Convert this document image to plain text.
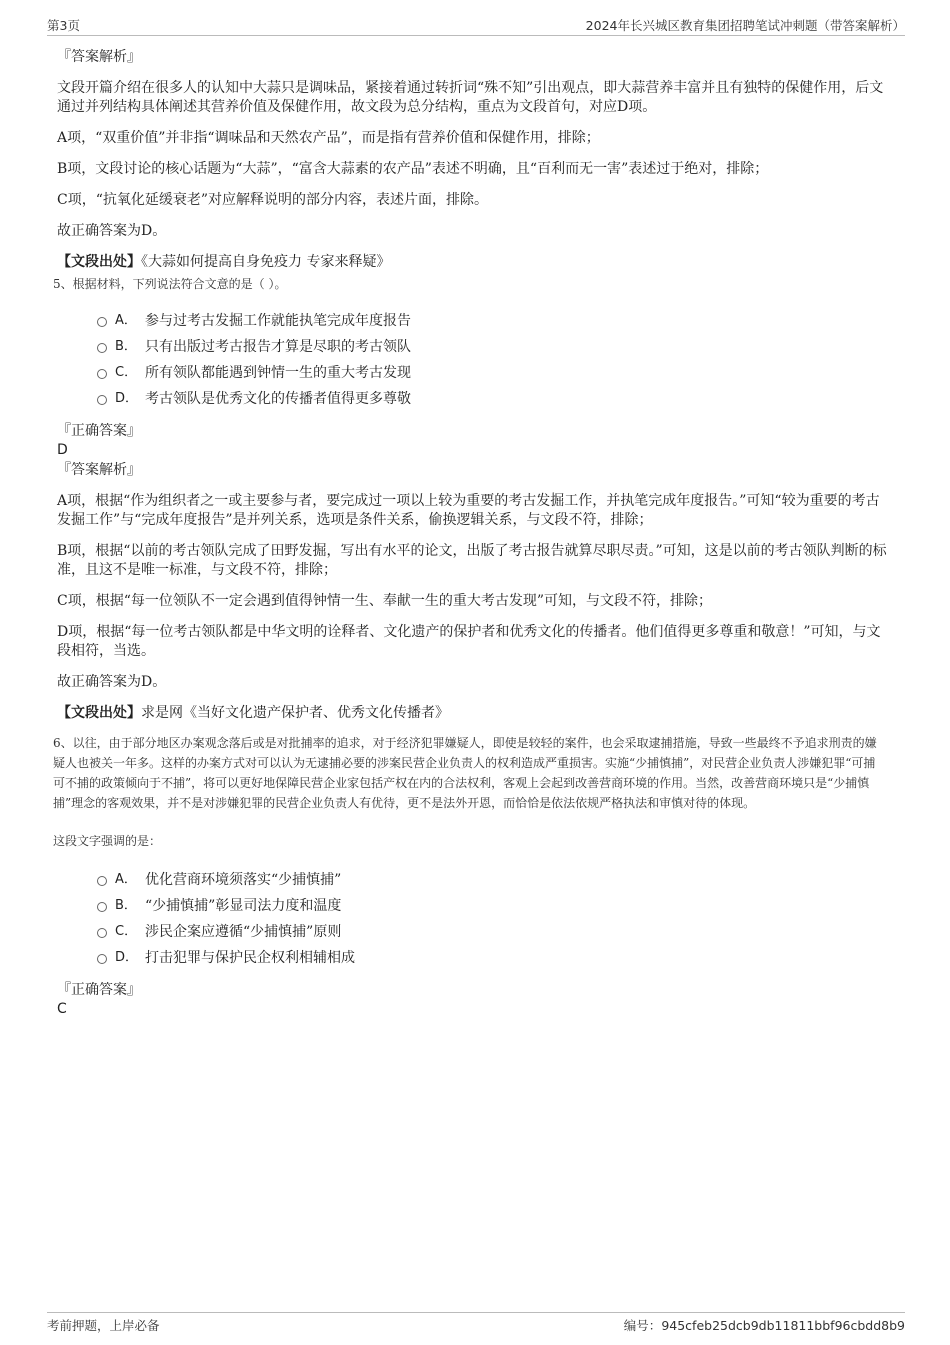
第3页	2024年长兴城区教育集团招聘笔试冲刺题（带答案解析）
『答案解析』

文段开篇介绍在很多人的认知中大蒜只是调味品，紧接着通过转折词“殊不知”引出观点，即大蒜营养丰富并且有独特的保健作用，后文通过并列结构具体阐述其营养价值及保健作用，故文段为总分结构，重点为文段首句，对应D项。

A项，“双重价值”并非指“调味品和天然农产品”，而是指有营养价值和保健作用，排除；

B项，文段讨论的核心话题为“大蒜”，“富含大蒜素的农产品”表述不明确，且“百利而无一害”表述过于绝对，排除；

C项，“抗氧化延缓衰老”对应解释说明的部分内容，表述片面，排除。

故正确答案为D。

【文段出处】《大蒜如何提高自身免疫力 专家来释疑》

5、根据材料，下列说法符合文意的是（ ）。
A． 参与过考古发掘工作就能执笔完成年度报告
B． 只有出版过考古报告才算是尽职的考古领队
C． 所有领队都能遇到钟情一生的重大考古发现
D． 考古领队是优秀文化的传播者值得更多尊敬
『正确答案』
D
『答案解析』

A项，根据“作为组织者之一或主要参与者，要完成过一项以上较为重要的考古发掘工作，并执笔完成年度报告。”可知“较为重要的考古发掘工作”与“完成年度报告”是并列关系，选项是条件关系，偷换逻辑关系，与文段不符，排除；

B项，根据“以前的考古领队完成了田野发掘，写出有水平的论文，出版了考古报告就算尽职尽责。”可知，这是以前的考古领队判断的标准，且这不是唯一标准，与文段不符，排除；

C项，根据“每一位领队不一定会遇到值得钟情一生、奉献一生的重大考古发现”可知，与文段不符，排除；

D项，根据“每一位考古领队都是中华文明的诠释者、文化遗产的保护者和优秀文化的传播者。他们值得更多尊重和敬意！”可知，与文段相符，当选。

故正确答案为D。

【文段出处】求是网《当好文化遗产保护者、优秀文化传播者》

6、以往，由于部分地区办案观念落后或是对批捕率的追求，对于经济犯罪嫌疑人，即使是较轻的案件，也会采取逮捕措施，导致一些最终不予追求刑责的嫌疑人也被关一年多。这样的办案方式对可以认为无逮捕必要的涉案民营企业负责人的权利造成严重损害。实施“少捕慎捕”，对民营企业负责人涉嫌犯罪“可捕可不捕的政策倾向于不捕”，将可以更好地保障民营企业家包括产权在内的合法权利，客观上会起到改善营商环境的作用。当然，改善营商环境只是“少捕慎捕”理念的客观效果，并不是对涉嫌犯罪的民营企业负责人有优待，更不是法外开恩，而恰恰是依法依规严格执法和审慎对待的体现。

这段文字强调的是：
A． 优化营商环境须落实“少捕慎捕”
B． “少捕慎捕”彰显司法力度和温度
C． 涉民企案应遵循“少捕慎捕”原则
D． 打击犯罪与保护民企权利相辅相成
『正确答案』
C
考前押题，上岸必备	编号：945cfeb25dcb9db11811bbf96cbdd8b9
